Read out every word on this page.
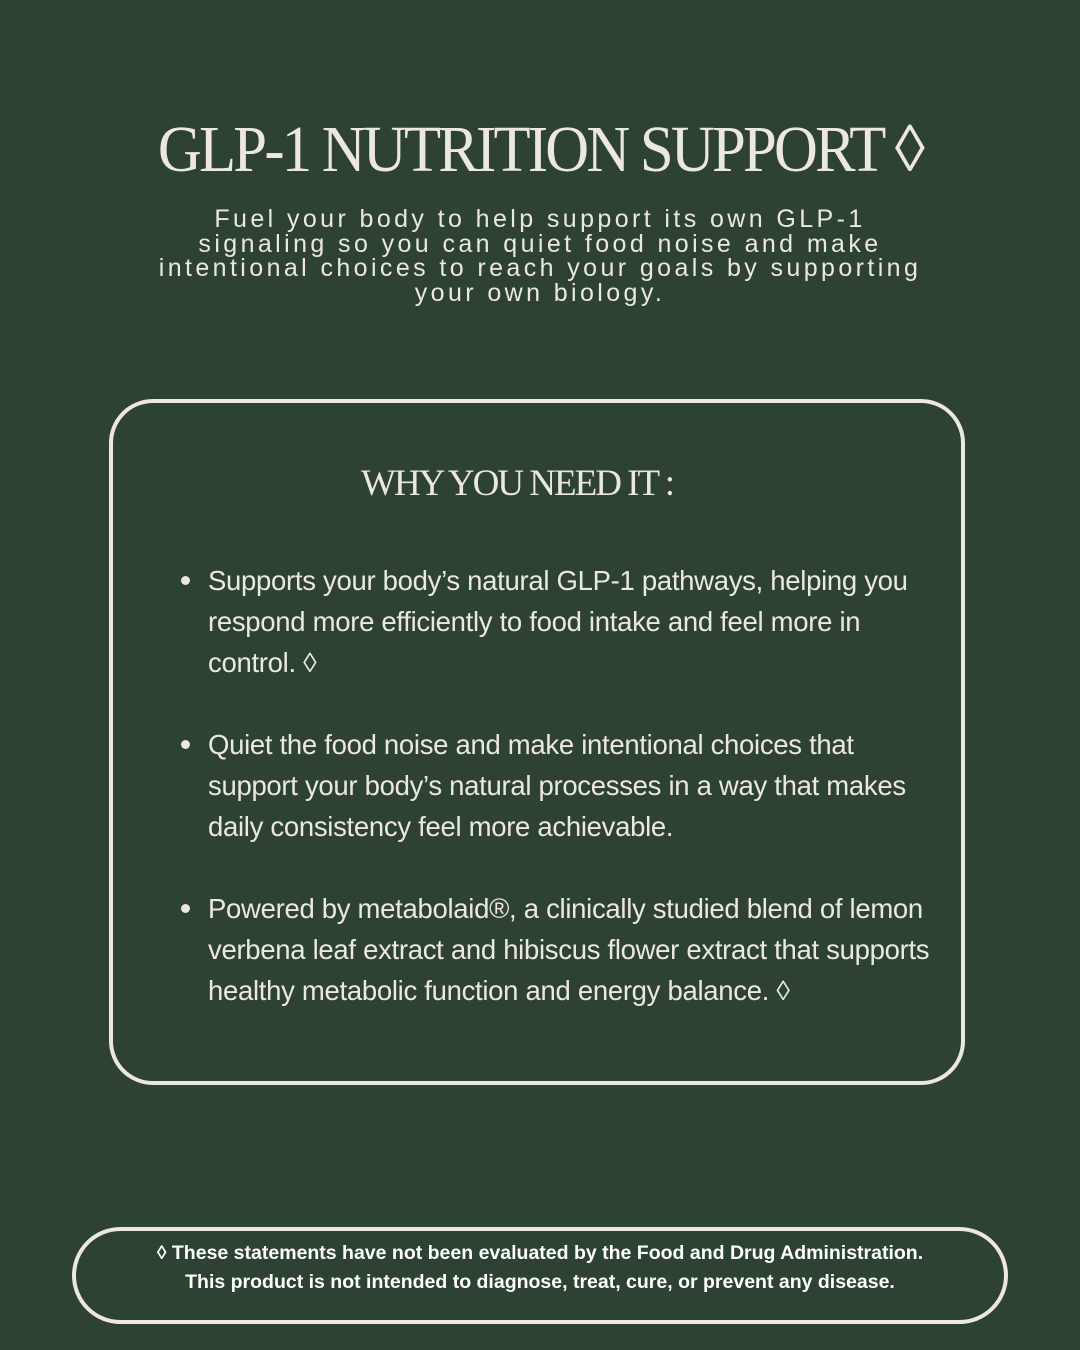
GLP-1 NUTRITION SUPPORT ◊

Fuel your body to help support its own GLP-1 signaling so you can quiet food noise and make intentional choices to reach your goals by supporting your own biology.

WHY YOU NEED IT :
Supports your body’s natural GLP-1 pathways, helping you respond more efficiently to food intake and feel more in control. ◊
Quiet the food noise and make intentional choices that support your body’s natural processes in a way that makes daily consistency feel more achievable.
Powered by metabolaid®, a clinically studied blend of lemon verbena leaf extract and hibiscus flower extract that supports healthy metabolic function and energy balance. ◊

◊ These statements have not been evaluated by the Food and Drug Administration.

This product is not intended to diagnose, treat, cure, or prevent any disease.
